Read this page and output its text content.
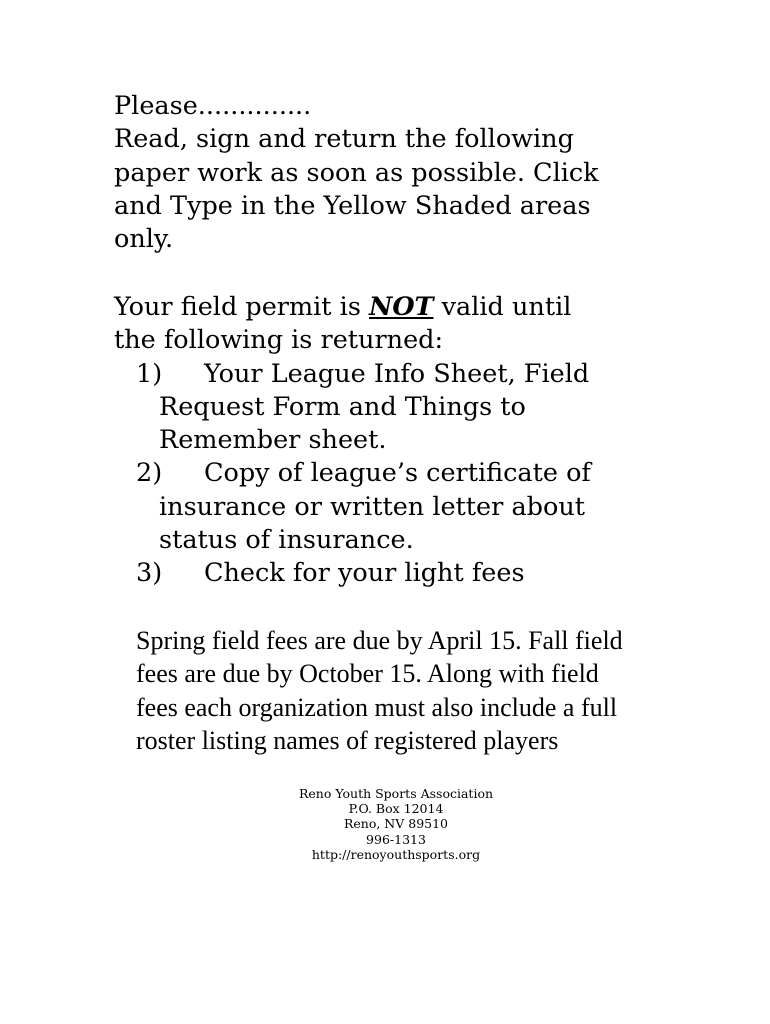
Please..............
Read, sign and return the following
paper work as soon as possible. Click
and Type in the Yellow Shaded areas
only.
Your field permit is NOT valid until
the following is returned:
1)	Your League Info Sheet, Field
Request Form and Things to
Remember sheet.
2)	Copy of league’s certificate of
insurance or written letter about
status of insurance.
3)	Check for your light fees
Spring field fees are due by April 15. Fall field
fees are due by October 15. Along with field
fees each organization must also include a full
roster listing names of registered players
Reno Youth Sports Association
P.O. Box 12014
Reno, NV 89510
996-1313
http://renoyouthsports.org
